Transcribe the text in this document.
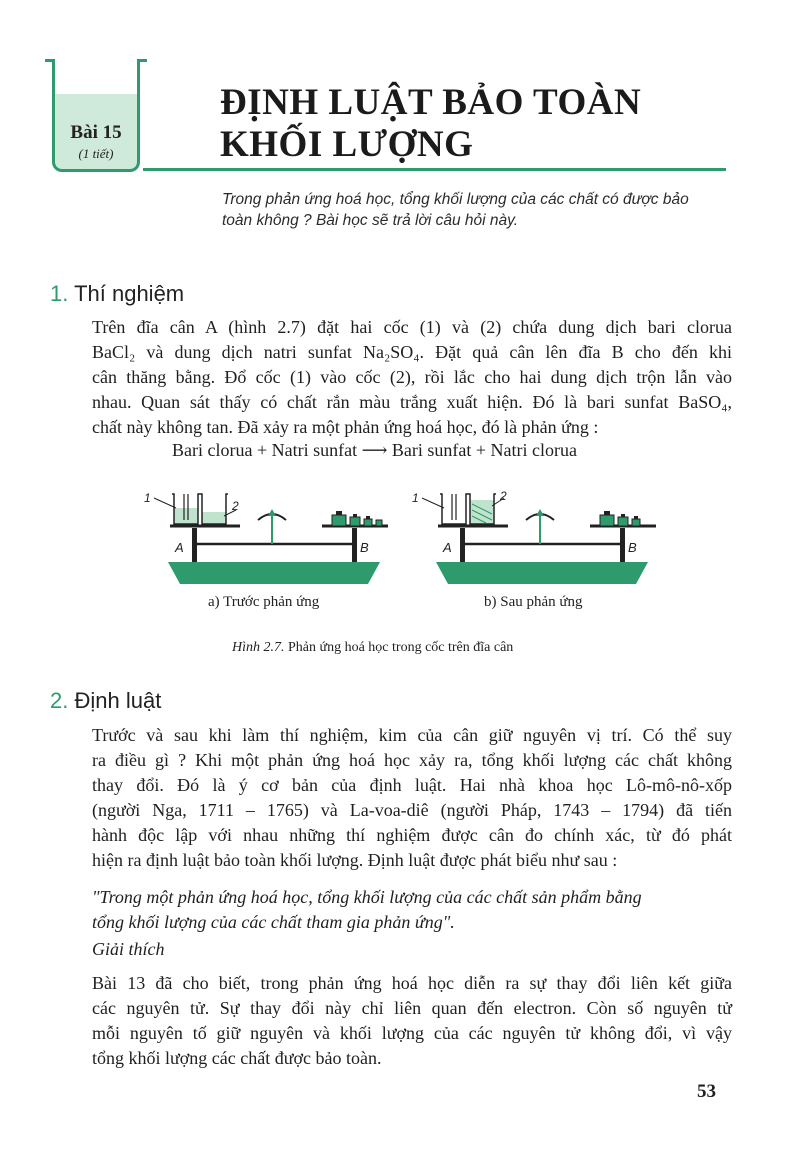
Bài 15
(1 tiết)
ĐỊNH LUẬT BẢO TOÀN
KHỐI LƯỢNG
Trong phản ứng hoá học, tổng khối lượng của các chất có được bảo
toàn không ? Bài học sẽ trả lời câu hỏi này.
1. Thí nghiệm
Trên đĩa cân A (hình 2.7) đặt hai cốc (1) và (2) chứa dung dịch bari clorua
BaCl₂ và dung dịch natri sunfat Na₂SO₄. Đặt quả cân lên đĩa B cho đến khi
cân thăng bằng. Đổ cốc (1) vào cốc (2), rồi lắc cho hai dung dịch trộn lẫn vào
nhau. Quan sát thấy có chất rắn màu trắng xuất hiện. Đó là bari sunfat BaSO₄,
chất này không tan. Đã xảy ra một phản ứng hoá học, đó là phản ứng :
Bari clorua + Natri sunfat ⟶ Bari sunfat + Natri clorua
1
2
A	B
1	2
A	B
a) Trước phản ứng	b) Sau phản ứng
Hình 2.7. Phản ứng hoá học trong cốc trên đĩa cân
2. Định luật
Trước và sau khi làm thí nghiệm, kim của cân giữ nguyên vị trí. Có thể suy
ra điều gì ? Khi một phản ứng hoá học xảy ra, tổng khối lượng các chất không
thay đổi. Đó là ý cơ bản của định luật. Hai nhà khoa học Lô-mô-nô-xốp
(người Nga, 1711 – 1765) và La-voa-diê (người Pháp, 1743 – 1794) đã tiến
hành độc lập với nhau những thí nghiệm được cân đo chính xác, từ đó phát
hiện ra định luật bảo toàn khối lượng. Định luật được phát biểu như sau :
"Trong một phản ứng hoá học, tổng khối lượng của các chất sản phẩm bằng
tổng khối lượng của các chất tham gia phản ứng".
Giải thích
Bài 13 đã cho biết, trong phản ứng hoá học diễn ra sự thay đổi liên kết giữa
các nguyên tử. Sự thay đổi này chỉ liên quan đến electron. Còn số nguyên tử
mỗi nguyên tố giữ nguyên và khối lượng của các nguyên tử không đổi, vì vậy
tổng khối lượng các chất được bảo toàn.
53
